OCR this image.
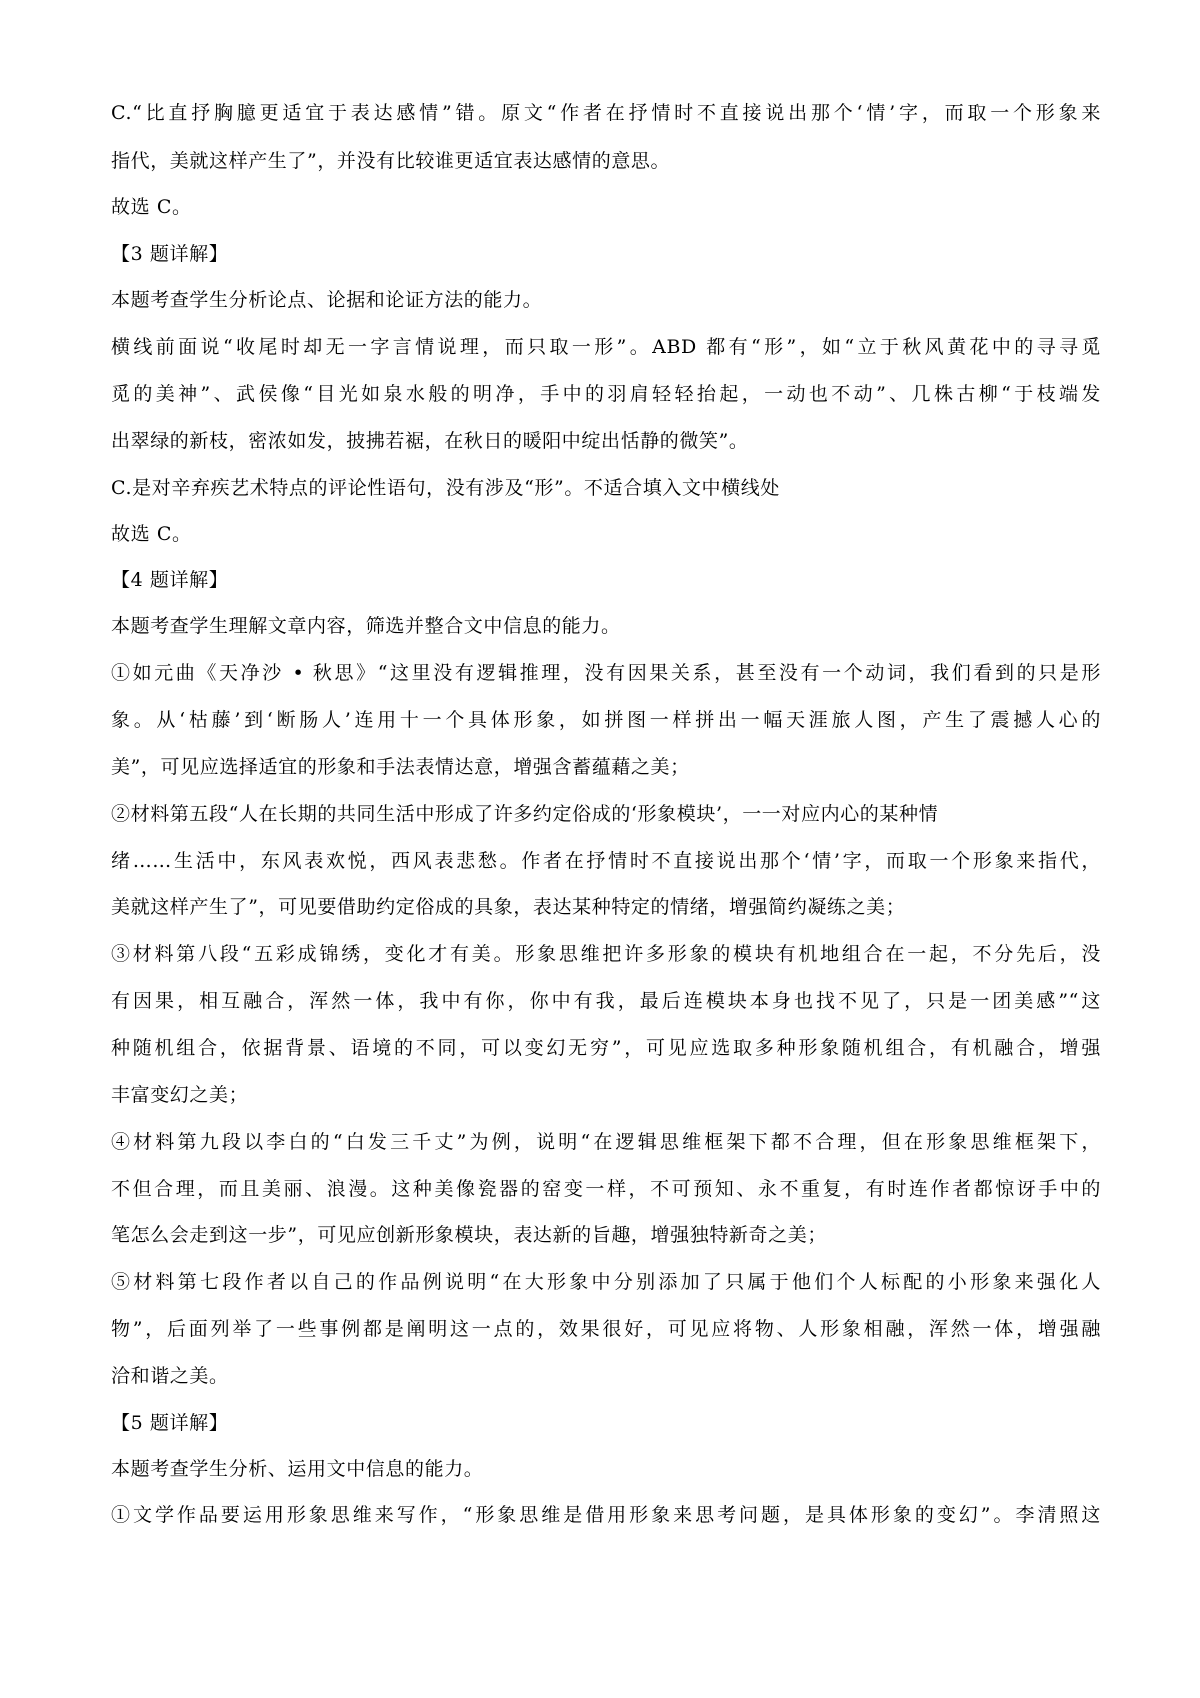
C.“比直抒胸臆更适宜于表达感情”错。原文“作者在抒情时不直接说出那个‘情’字，而取一个形象来
指代，美就这样产生了”，并没有比较谁更适宜表达感情的意思。
故选 C。
【3 题详解】
本题考查学生分析论点、论据和论证方法的能力。
横线前面说“收尾时却无一字言情说理，而只取一形”。ABD 都有“形”，如“立于秋风黄花中的寻寻觅
觅的美神”、武侯像“目光如泉水般的明净，手中的羽肩轻轻抬起，一动也不动”、几株古柳“于枝端发
出翠绿的新枝，密浓如发，披拂若裾，在秋日的暖阳中绽出恬静的微笑”。
C.是对辛弃疾艺术特点的评论性语句，没有涉及“形”。不适合填入文中横线处
故选 C。
【4 题详解】
本题考查学生理解文章内容，筛选并整合文中信息的能力。
①如元曲《天净沙 • 秋思》“这里没有逻辑推理，没有因果关系，甚至没有一个动词，我们看到的只是形
象。从‘枯藤’到‘断肠人’连用十一个具体形象，如拼图一样拼出一幅天涯旅人图，产生了震撼人心的
美”，可见应选择适宜的形象和手法表情达意，增强含蓄蕴藉之美；
②材料第五段“人在长期的共同生活中形成了许多约定俗成的‘形象模块’，一一对应内心的某种情
绪……生活中，东风表欢悦，西风表悲愁。作者在抒情时不直接说出那个‘情’字，而取一个形象来指代，
美就这样产生了”，可见要借助约定俗成的具象，表达某种特定的情绪，增强简约凝练之美；
③材料第八段“五彩成锦绣，变化才有美。形象思维把许多形象的模块有机地组合在一起，不分先后，没
有因果，相互融合，浑然一体，我中有你，你中有我，最后连模块本身也找不见了，只是一团美感”“这
种随机组合，依据背景、语境的不同，可以变幻无穷”，可见应选取多种形象随机组合，有机融合，增强
丰富变幻之美；
④材料第九段以李白的“白发三千丈”为例，说明“在逻辑思维框架下都不合理，但在形象思维框架下，
不但合理，而且美丽、浪漫。这种美像瓷器的窑变一样，不可预知、永不重复，有时连作者都惊讶手中的
笔怎么会走到这一步”，可见应创新形象模块，表达新的旨趣，增强独特新奇之美；
⑤材料第七段作者以自己的作品例说明“在大形象中分别添加了只属于他们个人标配的小形象来强化人
物”，后面列举了一些事例都是阐明这一点的，效果很好，可见应将物、人形象相融，浑然一体，增强融
洽和谐之美。
【5 题详解】
本题考查学生分析、运用文中信息的能力。
①文学作品要运用形象思维来写作，“形象思维是借用形象来思考问题，是具体形象的变幻”。李清照这
